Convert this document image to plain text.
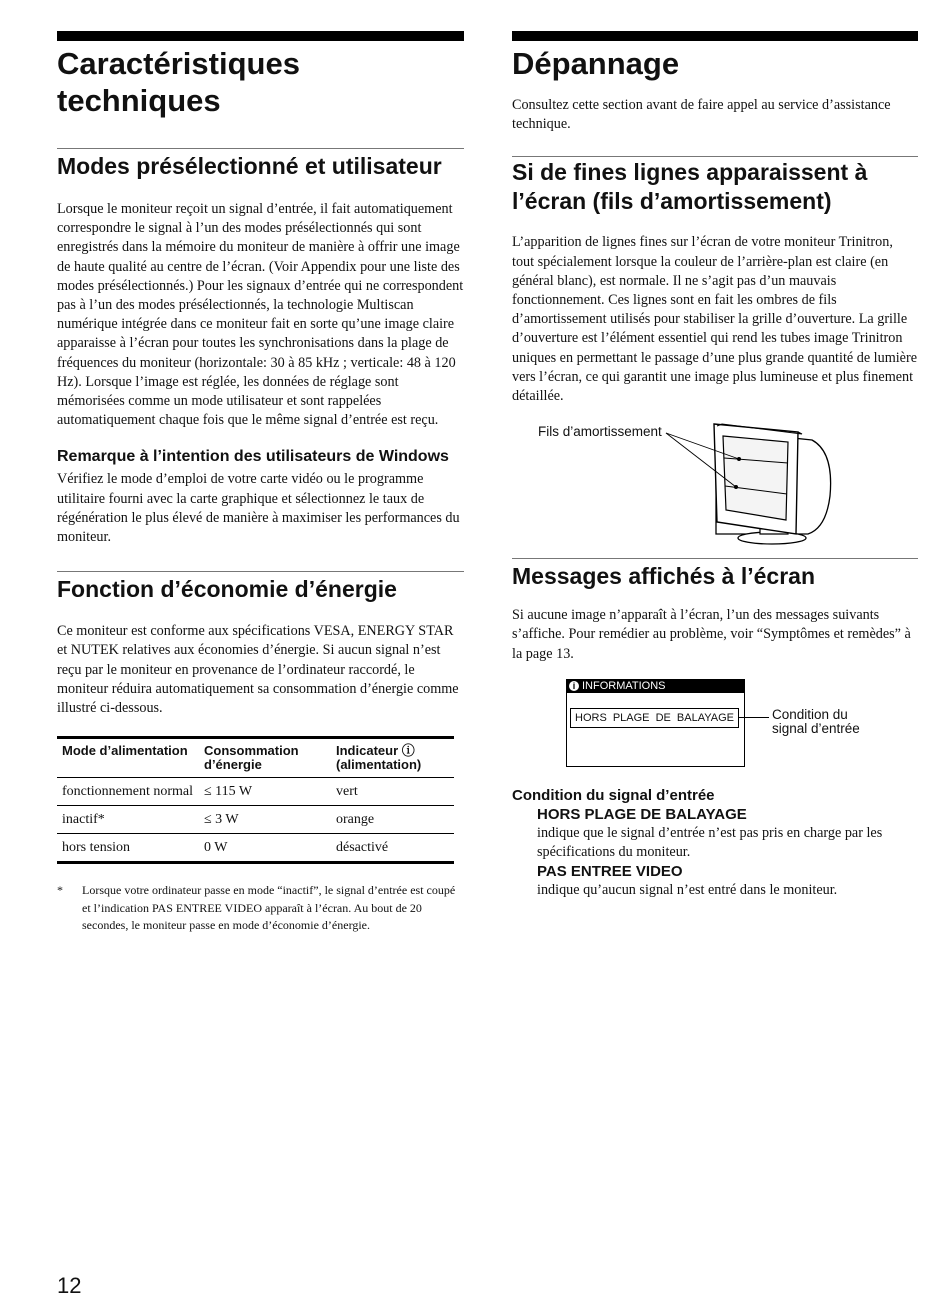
Caractéristiques
techniques
Modes présélectionné et utilisateur

Lorsque le moniteur reçoit un signal d’entrée, il fait automatiquement correspondre le signal à l’un des modes présélectionnés qui sont enregistrés dans la mémoire du moniteur de manière à offrir une image de haute qualité au centre de l’écran. (Voir Appendix pour une liste des modes présélectionnés.) Pour les signaux d’entrée qui ne correspondent pas à l’un des modes présélectionnés, la technologie Multiscan numérique intégrée dans ce moniteur fait en sorte qu’une image claire apparaisse à l’écran pour toutes les synchronisations dans la plage de fréquences du moniteur (horizontale: 30 à 85 kHz ; verticale: 48 à 120 Hz). Lorsque l’image est réglée, les données de réglage sont mémorisées comme un mode utilisateur et sont rappelées automatiquement chaque fois que le même signal d’entrée est reçu.

Remarque à l’intention des utilisateurs de Windows

Vérifiez le mode d’emploi de votre carte vidéo ou le programme utilitaire fourni avec la carte graphique et sélectionnez le taux de régénération le plus élevé de manière à maximiser les performances du moniteur.

Fonction d’économie d’énergie

Ce moniteur est conforme aux spécifications VESA, ENERGY STAR et NUTEK relatives aux économies d’énergie. Si aucun signal n’est reçu par le moniteur en provenance de l’ordinateur raccordé, le moniteur réduira automatiquement sa consommation d’énergie comme illustré ci-dessous.

Mode d’alimentation	Consommation d’énergie	Indicateur ⓘ (alimentation)
fonctionnement normal	≤ 115 W	vert
inactif*	≤ 3 W	orange
hors tension	0 W	désactivé
*	Lorsque votre ordinateur passe en mode “inactif”, le signal d’entrée est coupé et l’indication PAS ENTREE VIDEO apparaît à l’écran. Au bout de 20 secondes, le moniteur passe en mode d’économie d’énergie.
Dépannage

Consultez cette section avant de faire appel au service d’assistance technique.

Si de fines lignes apparaissent à l’écran (fils d’amortissement)

L’apparition de lignes fines sur l’écran de votre moniteur Trinitron, tout spécialement lorsque la couleur de l’arrière-plan est claire (en général blanc), est normale. Il ne s’agit pas d’un mauvais fonctionnement. Ces lignes sont en fait les ombres de fils d’amortissement utilisés pour stabiliser la grille d’ouverture. La grille d’ouverture est l’élément essentiel qui rend les tubes image Trinitron uniques en permettant le passage d’une plus grande quantité de lumière vers l’écran, ce qui garantit une image plus lumineuse et plus finement détaillée.

Fils d’amortissement
Messages affichés à l’écran

Si aucune image n’apparaît à l’écran, l’un des messages suivants s’affiche. Pour remédier au problème, voir “Symptômes et remèdes” à la page 13.

i INFORMATIONS
HORS PLAGE DE BALAYAGE	Condition du
signal d’entrée
Condition du signal d’entrée
HORS PLAGE DE BALAYAGE

indique que le signal d’entrée n’est pas pris en charge par les spécifications du moniteur.

PAS ENTREE VIDEO

indique qu’aucun signal n’est entré dans le moniteur.

12
